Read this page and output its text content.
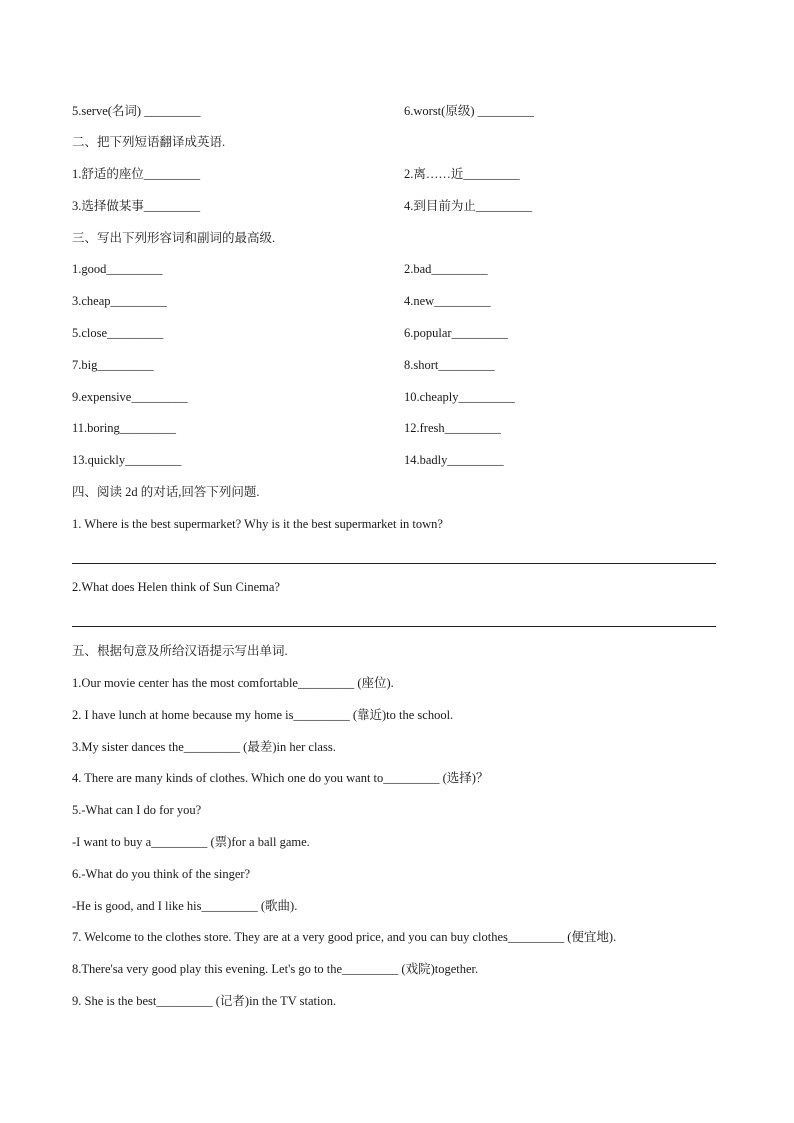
5.serve(名词) _________	6.worst(原级) _________
二、把下列短语翻译成英语.
1.舒适的座位_________	2.离……近_________
3.选择做某事_________	4.到目前为止_________
三、写出下列形容词和副词的最高级.
1.good_________	2.bad_________
3.cheap_________	4.new_________
5.close_________	6.popular_________
7.big_________	8.short_________
9.expensive_________	10.cheaply_________
11.boring_________	12.fresh_________
13.quickly_________	14.badly_________
四、阅读 2d 的对话,回答下列问题.
1. Where is the best supermarket? Why is it the best supermarket in town?
2.What does Helen think of Sun Cinema?
五、根据句意及所给汉语提示写出单词.
1.Our movie center has the most comfortable_________ (座位).
2. I have lunch at home because my home is_________ (靠近)to the school.
3.My sister dances the_________ (最差)in her class.
4. There are many kinds of clothes. Which one do you want to_________ (选择)？
5.-What can I do for you?
-I want to buy a_________ (票)for a ball game.
6.-What do you think of the singer?
-He is good, and I like his_________ (歌曲).
7. Welcome to the clothes store. They are at a very good price, and you can buy clothes_________ (便宜地).
8.There'sa very good play this evening. Let's go to the_________ (戏院)together.
9. She is the best_________ (记者)in the TV station.
